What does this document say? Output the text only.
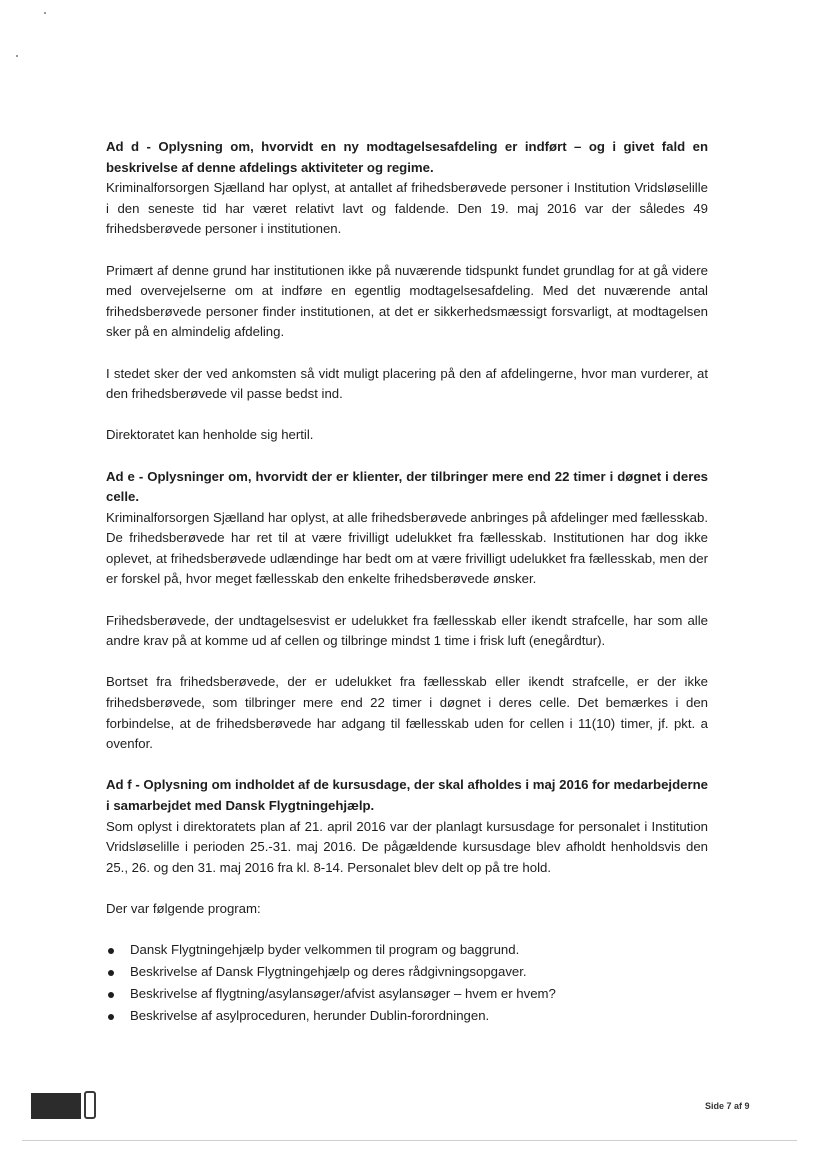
Ad d - Oplysning om, hvorvidt en ny modtagelsesafdeling er indført – og i givet fald en beskrivelse af denne afdelings aktiviteter og regime.
Kriminalforsorgen Sjælland har oplyst, at antallet af frihedsberøvede personer i Institution Vridsløselille i den seneste tid har været relativt lavt og faldende. Den 19. maj 2016 var der således 49 frihedsberøvede personer i institutionen.

Primært af denne grund har institutionen ikke på nuværende tidspunkt fundet grundlag for at gå videre med overvejelserne om at indføre en egentlig modtagelsesafdeling. Med det nuværende antal frihedsberøvede personer finder institutionen, at det er sikkerhedsmæssigt forsvarligt, at modtagelsen sker på en almindelig afdeling.

I stedet sker der ved ankomsten så vidt muligt placering på den af afdelingerne, hvor man vurderer, at den frihedsberøvede vil passe bedst ind.

Direktoratet kan henholde sig hertil.

Ad e - Oplysninger om, hvorvidt der er klienter, der tilbringer mere end 22 timer i døgnet i deres celle.
Kriminalforsorgen Sjælland har oplyst, at alle frihedsberøvede anbringes på afdelinger med fællesskab. De frihedsberøvede har ret til at være frivilligt udelukket fra fællesskab. Institutionen har dog ikke oplevet, at frihedsberøvede udlændinge har bedt om at være frivilligt udelukket fra fællesskab, men der er forskel på, hvor meget fællesskab den enkelte frihedsberøvede ønsker.

Frihedsberøvede, der undtagelsesvist er udelukket fra fællesskab eller ikendt strafcelle, har som alle andre krav på at komme ud af cellen og tilbringe mindst 1 time i frisk luft (enegårdtur).

Bortset fra frihedsberøvede, der er udelukket fra fællesskab eller ikendt strafcelle, er der ikke frihedsberøvede, som tilbringer mere end 22 timer i døgnet i deres celle. Det bemærkes i den forbindelse, at de frihedsberøvede har adgang til fællesskab uden for cellen i 11(10) timer, jf. pkt. a ovenfor.

Ad f - Oplysning om indholdet af de kursusdage, der skal afholdes i maj 2016 for medarbejderne i samarbejdet med Dansk Flygtningehjælp.
Som oplyst i direktoratets plan af 21. april 2016 var der planlagt kursusdage for personalet i Institution Vridsløselille i perioden 25.-31. maj 2016. De pågældende kursusdage blev afholdt henholdsvis den 25., 26. og den 31. maj 2016 fra kl. 8-14. Personalet blev delt op på tre hold.

Der var følgende program:

Dansk Flygtningehjælp byder velkommen til program og baggrund.
Beskrivelse af Dansk Flygtningehjælp og deres rådgivningsopgaver.
Beskrivelse af flygtning/asylansøger/afvist asylansøger – hvem er hvem?
Beskrivelse af asylproceduren, herunder Dublin-forordningen.
Side 7 af 9
